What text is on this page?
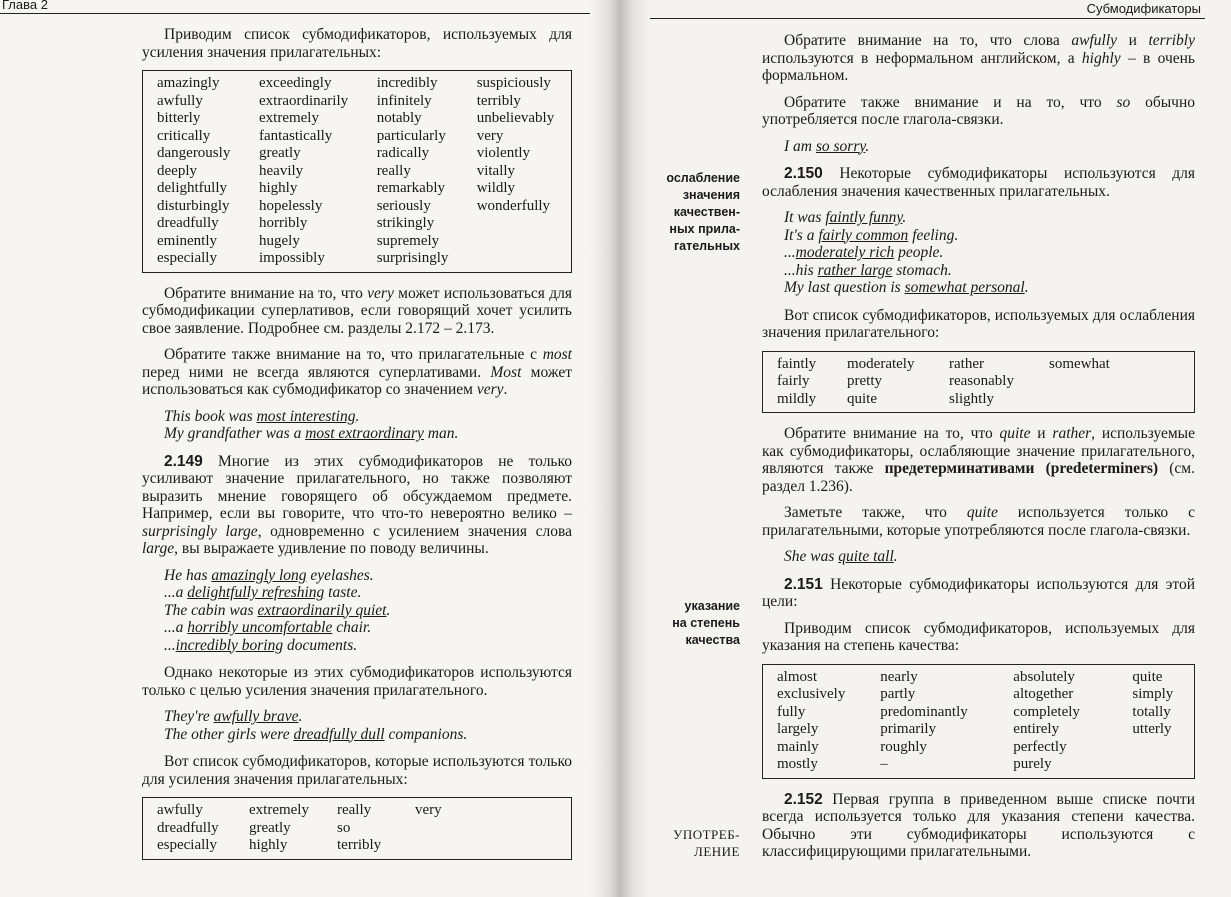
Глава 2

Приводим список субмодификаторов, используемых для усиления значения прилагательных:

amazingly
awfully
bitterly
critically
dangerously
deeply
delightfully
disturbingly
dreadfully
eminently
especially
exceedingly
extraordinarily
extremely
fantastically
greatly
heavily
highly
hopelessly
horribly
hugely
impossibly
incredibly
infinitely
notably
particularly
radically
really
remarkably
seriously
strikingly
supremely
surprisingly
suspiciously
terribly
unbelievably
very
violently
vitally
wildly
wonderfully

Обратите внимание на то, что very может использоваться для субмодификации суперлативов, если говорящий хочет усилить свое заявление. Подробнее см. разделы 2.172 – 2.173.

Обратите также внимание на то, что прилагательные с most перед ними не всегда являются суперлативами. Most может использоваться как субмодификатор со значением very.

This book was most interesting.
My grandfather was a most extraordinary man.

2.149 Многие из этих субмодификаторов не только усиливают значение прилагательного, но также позволяют выразить мнение говорящего об обсуждаемом предмете. Например, если вы говорите, что что-то невероятно велико – surprisingly large, одновременно с усилением значения слова large, вы выражаете удивление по поводу величины.

He has amazingly long eyelashes.
...a delightfully refreshing taste.
The cabin was extraordinarily quiet.
...a horribly uncomfortable chair.
...incredibly boring documents.

Однако некоторые из этих субмодификаторов используются только с целью усиления значения прилагательного.

They're awfully brave.
The other girls were dreadfully dull companions.

Вот список субмодификаторов, которые используются только для усиления значения прилагательных:

awfully
dreadfully
especially
extremely
greatly
highly
really
so
terribly
very
Субмодификаторы
ослабление
значения
качествен-
ных прила-
гательных
указание
на степень
качества
УПОТРЕБ-
ЛЕНИЕ

Обратите внимание на то, что слова awfully и terribly используются в неформальном английском, а highly – в очень формальном.

Обратите также внимание и на то, что so обычно употребляется после глагола-связки.

I am so sorry.

2.150 Некоторые субмодификаторы используются для ослабления значения качественных прилагательных.

It was faintly funny.
It's a fairly common feeling.
...moderately rich people.
...his rather large stomach.
My last question is somewhat personal.

Вот список субмодификаторов, используемых для ослабления значения прилагательного:

faintly
fairly
mildly
moderately
pretty
quite
rather
reasonably
slightly
somewhat

Обратите внимание на то, что quite и rather, используемые как субмодификаторы, ослабляющие значение прилагательного, являются также предетерминативами (predeterminers) (см. раздел 1.236).

Заметьте также, что quite используется только с прилагательными, которые употребляются после глагола-связки.

She was quite tall.

2.151 Некоторые субмодификаторы используются для этой цели:

Приводим список субмодификаторов, используемых для указания на степень качества:

almost
exclusively
fully
largely
mainly
mostly
nearly
partly
predominantly
primarily
roughly
–
absolutely
altogether
completely
entirely
perfectly
purely
quite
simply
totally
utterly

2.152 Первая группа в приведенном выше списке почти всегда используется только для указания степени качества. Обычно эти субмодификаторы используются с классифицирующими прилагательными.
